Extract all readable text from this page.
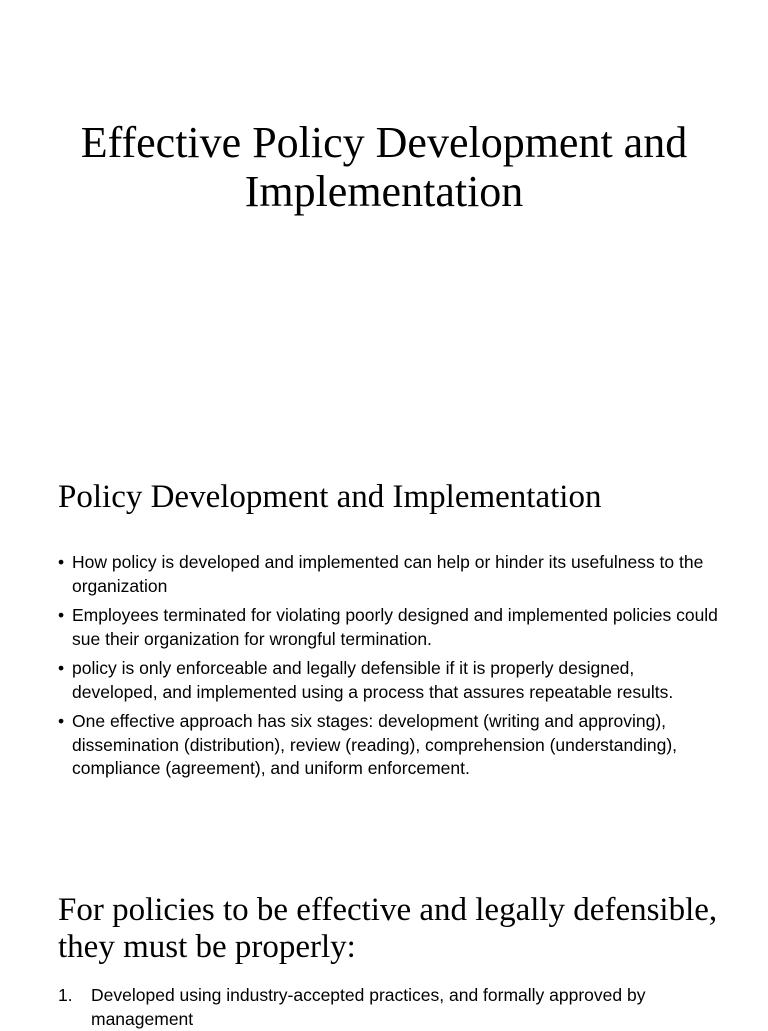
Effective Policy Development and Implementation
Policy Development and Implementation
• How policy is developed and implemented can help or hinder its usefulness to the organization
• Employees terminated for violating poorly designed and implemented policies could sue their organization for wrongful termination.
• policy is only enforceable and legally defensible if it is properly designed, developed, and implemented using a process that assures repeatable results.
• One effective approach has six stages: development (writing and approving), dissemination (distribution), review (reading), comprehension (understanding), compliance (agreement), and uniform enforcement.
For policies to be effective and legally defensible, they must be properly:
1. Developed using industry-accepted practices, and formally approved by management
